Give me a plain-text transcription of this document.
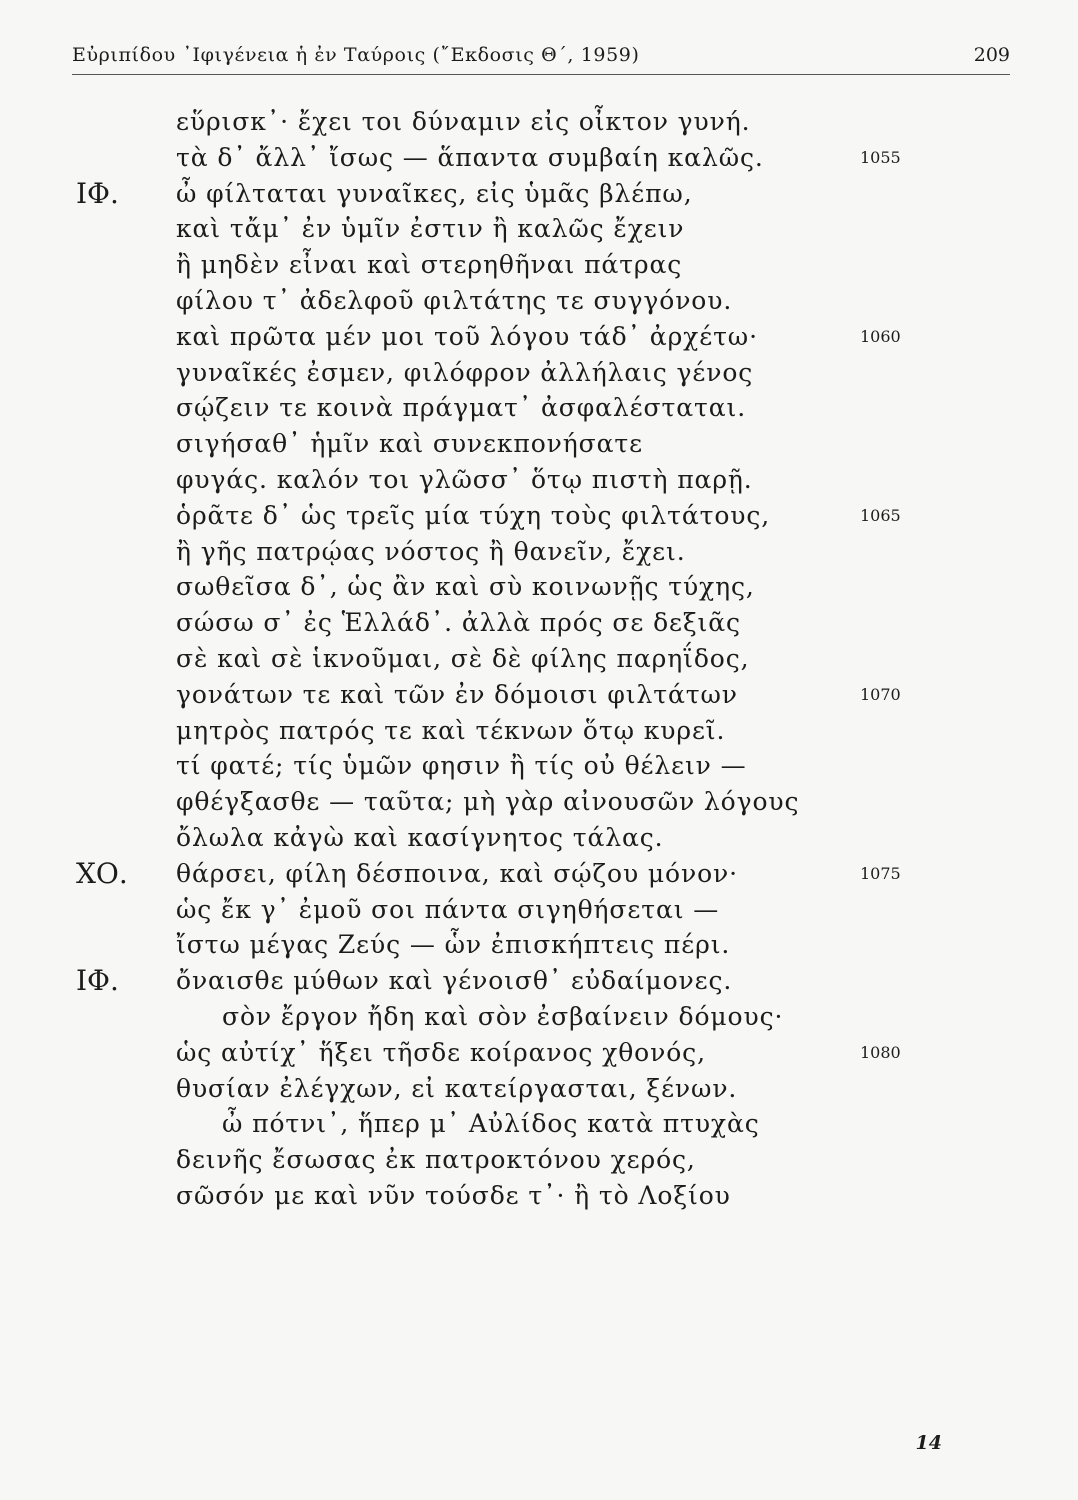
Εὐριπίδου ᾽Ιφιγένεια ἡ ἐν Ταύροις (῎Εκδοσις Θ΄, 1959)	209
εὕρισκ᾽· ἔχει τοι δύναμιν εἰς οἶκτον γυνή.
τὰ δ᾽ ἄλλ᾽ ἴσως — ἅπαντα συμβαίη καλῶς.	1055
ΙΦ. ὦ φίλταται γυναῖκες, εἰς ὑμᾶς βλέπω,
καὶ τἄμ᾽ ἐν ὑμῖν ἐστιν ἢ καλῶς ἔχειν
ἢ μηδὲν εἶναι καὶ στερηθῆναι πάτρας
φίλου τ᾽ ἀδελφοῦ φιλτάτης τε συγγόνου.
καὶ πρῶτα μέν μοι τοῦ λόγου τάδ᾽ ἀρχέτω·	1060
γυναῖκές ἐσμεν, φιλόφρον ἀλλήλαις γένος
σῴζειν τε κοινὰ πράγματ᾽ ἀσφαλέσταται.
σιγήσαθ᾽ ἡμῖν καὶ συνεκπονήσατε
φυγάς. καλόν τοι γλῶσσ᾽ ὅτῳ πιστὴ παρῇ.
ὁρᾶτε δ᾽ ὡς τρεῖς μία τύχη τοὺς φιλτάτους,	1065
ἢ γῆς πατρῴας νόστος ἢ θανεῖν, ἔχει.
σωθεῖσα δ᾽, ὡς ἂν καὶ σὺ κοινωνῇς τύχης,
σώσω σ᾽ ἐς Ἑλλάδ᾽. ἀλλὰ πρός σε δεξιᾶς
σὲ καὶ σὲ ἱκνοῦμαι, σὲ δὲ φίλης παρηΐδος,
γονάτων τε καὶ τῶν ἐν δόμοισι φιλτάτων	1070
μητρὸς πατρός τε καὶ τέκνων ὅτῳ κυρεῖ.
τί φατέ; τίς ὑμῶν φησιν ἢ τίς οὐ θέλειν —
φθέγξασθε — ταῦτα; μὴ γὰρ αἰνουσῶν λόγους
ὄλωλα κἀγὼ καὶ κασίγνητος τάλας.
ΧΟ. θάρσει, φίλη δέσποινα, καὶ σῴζου μόνον·	1075
ὡς ἔκ γ᾽ ἐμοῦ σοι πάντα σιγηθήσεται —
ἴστω μέγας Ζεύς — ὧν ἐπισκήπτεις πέρι.
ΙΦ. ὄναισθε μύθων καὶ γένοισθ᾽ εὐδαίμονες.
σὸν ἔργον ἤδη καὶ σὸν ἐσβαίνειν δόμους·
ὡς αὐτίχ᾽ ἥξει τῆσδε κοίρανος χθονός,	1080
θυσίαν ἐλέγχων, εἰ κατείργασται, ξένων.
ὦ πότνι᾽, ἥπερ μ᾽ Αὐλίδος κατὰ πτυχὰς
δεινῆς ἔσωσας ἐκ πατροκτόνου χερός,
σῶσόν με καὶ νῦν τούσδε τ᾽· ἢ τὸ Λοξίου
14
